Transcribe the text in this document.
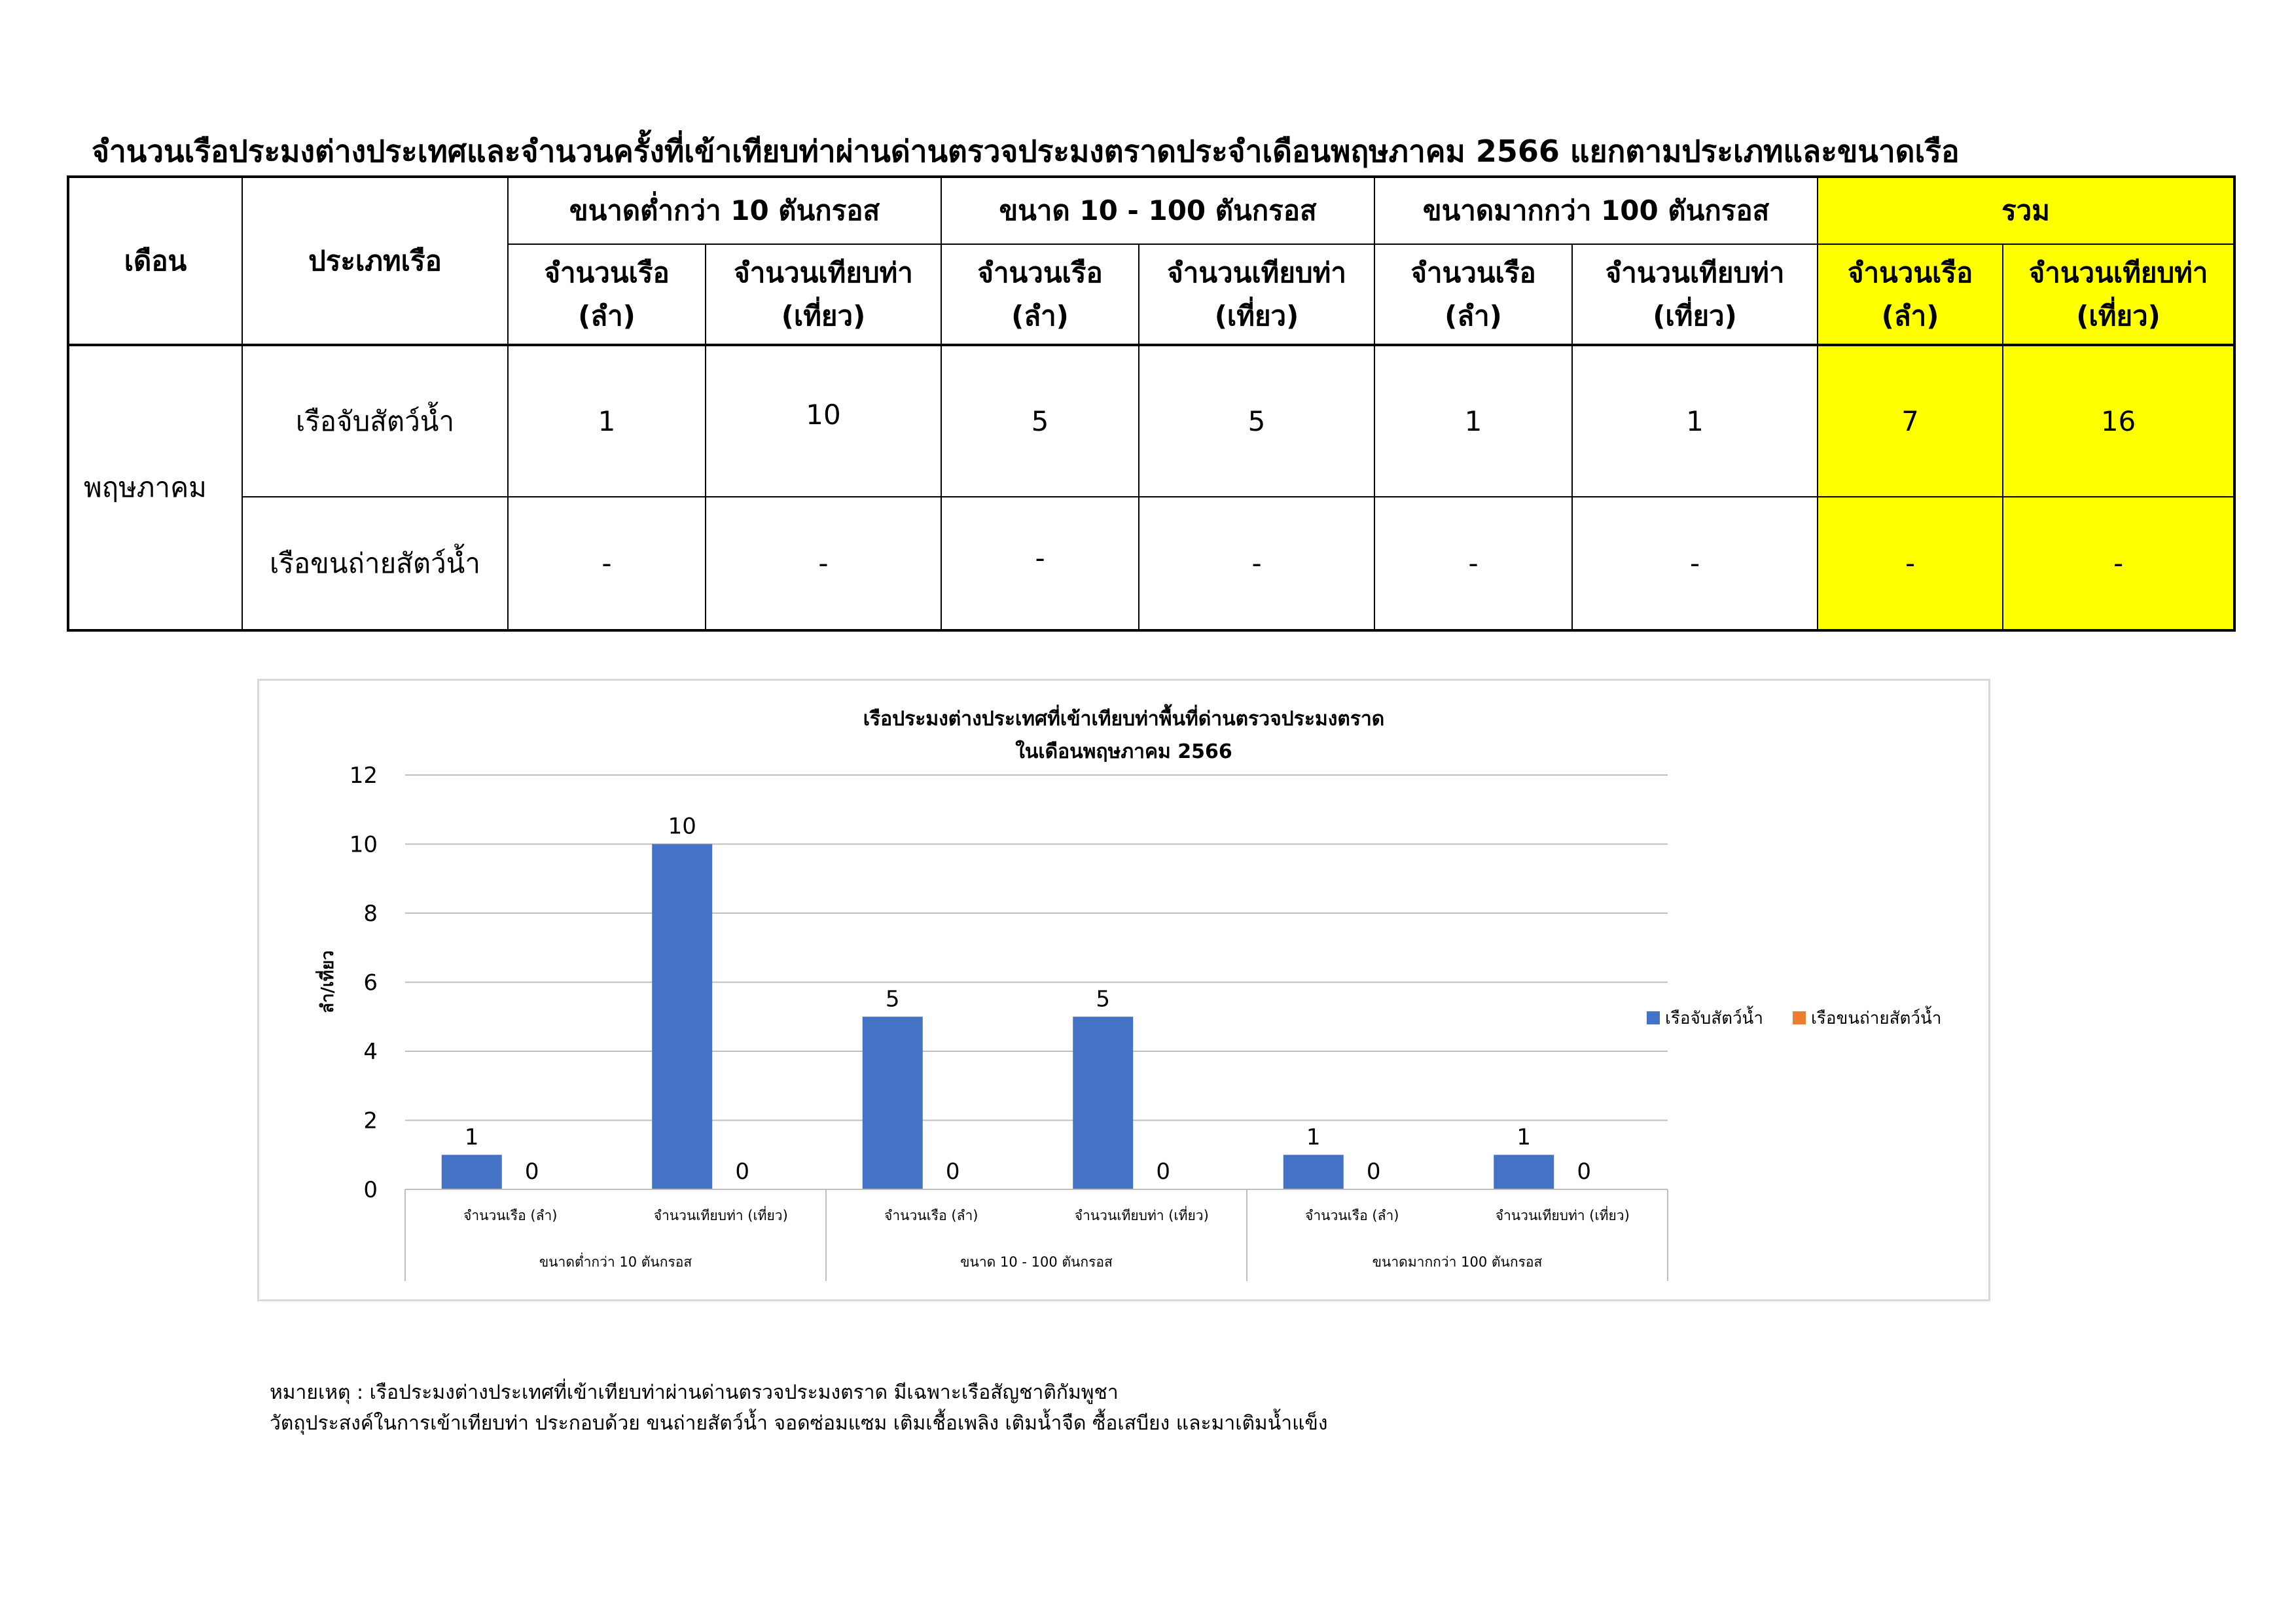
จำนวนเรือประมงต่างประเทศและจำนวนครั้งที่เข้าเทียบท่าผ่านด่านตรวจประมงตราดประจำเดือนพฤษภาคม 2566 แยกตามประเภทและขนาดเรือ
เดือน	ประเภทเรือ	ขนาดต่ำกว่า 10 ตันกรอส		ขนาด 10 - 100 ตันกรอส		ขนาดมากกว่า 100 ตันกรอส		รวม	
		จำนวนเรือ
(ลำ)	จำนวนเทียบท่า
(เที่ยว)	จำนวนเรือ
(ลำ)	จำนวนเทียบท่า
(เที่ยว)	จำนวนเรือ
(ลำ)	จำนวนเทียบท่า
(เที่ยว)	จำนวนเรือ
(ลำ)	จำนวนเทียบท่า
(เที่ยว)
พฤษภาคม	เรือจับสัตว์น้ำ	1	10	5	5	1	1	7	16
	เรือขนถ่ายสัตว์น้ำ	-	-	-	-	-	-	-	-
เรือประมงต่างประเทศที่เข้าเทียบท่าพื้นที่ด่านตรวจประมงตราด
ในเดือนพฤษภาคม 2566
ลำ/เที่ยว
0
2
4
6
8
10
12
1
10
5	5
1	1
0	0	0	0	0	0
จำนวนเรือ (ลำ)	จำนวนเทียบท่า (เที่ยว)	จำนวนเรือ (ลำ)	จำนวนเทียบท่า (เที่ยว)	จำนวนเรือ (ลำ)	จำนวนเทียบท่า (เที่ยว)
ขนาดต่ำกว่า 10 ตันกรอส	ขนาด 10 - 100 ตันกรอส	ขนาดมากกว่า 100 ตันกรอส
เรือจับสัตว์น้ำ	เรือขนถ่ายสัตว์น้ำ
หมายเหตุ : เรือประมงต่างประเทศที่เข้าเทียบท่าผ่านด่านตรวจประมงตราด มีเฉพาะเรือสัญชาติกัมพูชา
วัตถุประสงค์ในการเข้าเทียบท่า ประกอบด้วย ขนถ่ายสัตว์น้ำ จอดซ่อมแซม เติมเชื้อเพลิง เติมน้ำจืด ซื้อเสบียง และมาเติมน้ำแข็ง
